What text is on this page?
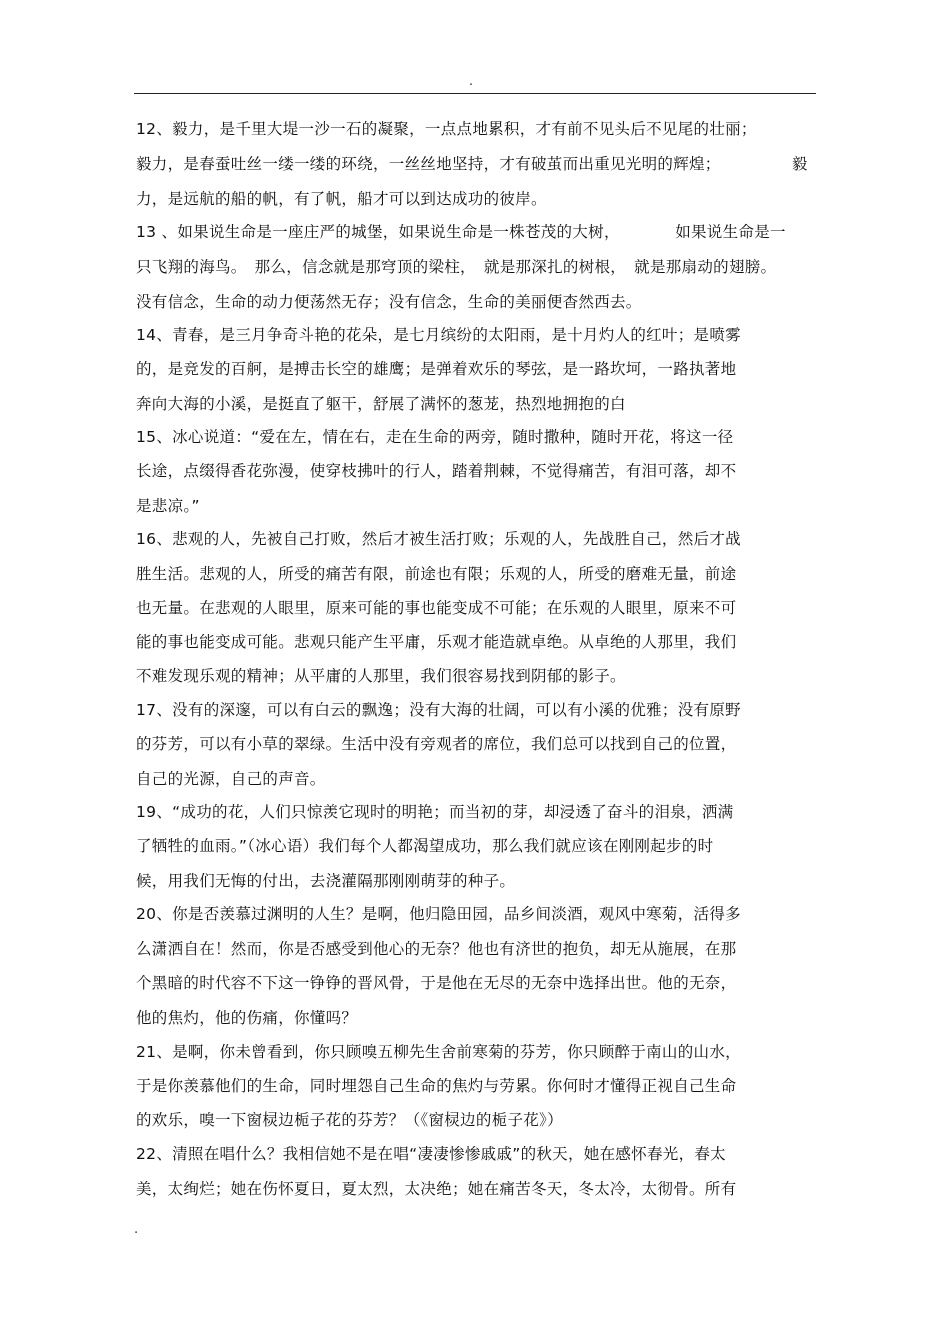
.
12、毅力，是千里大堤一沙一石的凝聚，一点点地累积，才有前不见头后不见尾的壮丽；
毅力，是春蚕吐丝一缕一缕的环绕，一丝丝地坚持，才有破茧而出重见光明的辉煌；　　　　　毅
力，是远航的船的帆，有了帆，船才可以到达成功的彼岸。
13 、如果说生命是一座庄严的城堡，如果说生命是一株苍茂的大树，　　　　如果说生命是一
只飞翔的海鸟。　那么，信念就是那穹顶的梁柱，　就是那深扎的树根，　就是那扇动的翅膀。
没有信念，生命的动力便荡然无存；没有信念，生命的美丽便杳然西去。
14、青春，是三月争奇斗艳的花朵，是七月缤纷的太阳雨，是十月灼人的红叶；是喷雾
的，是竞发的百舸，是搏击长空的雄鹰；是弹着欢乐的琴弦，是一路坎坷，一路执著地
奔向大海的小溪，是挺直了躯干，舒展了满怀的葱茏，热烈地拥抱的白
15、冰心说道：“爱在左，情在右，走在生命的两旁，随时撒种，随时开花，将这一径
长途，点缀得香花弥漫，使穿枝拂叶的行人，踏着荆棘，不觉得痛苦，有泪可落，却不
是悲凉。”
16、悲观的人，先被自己打败，然后才被生活打败；乐观的人，先战胜自己，然后才战
胜生活。悲观的人，所受的痛苦有限，前途也有限；乐观的人，所受的磨难无量，前途
也无量。在悲观的人眼里，原来可能的事也能变成不可能；在乐观的人眼里，原来不可
能的事也能变成可能。悲观只能产生平庸，乐观才能造就卓绝。从卓绝的人那里，我们
不难发现乐观的精神；从平庸的人那里，我们很容易找到阴郁的影子。
17、没有的深邃，可以有白云的飘逸；没有大海的壮阔，可以有小溪的优雅；没有原野
的芬芳，可以有小草的翠绿。生活中没有旁观者的席位，我们总可以找到自己的位置，
自己的光源，自己的声音。
19、“成功的花，人们只惊羡它现时的明艳；而当初的芽，却浸透了奋斗的泪泉，洒满
了牺牲的血雨。”（冰心语）我们每个人都渴望成功，那么我们就应该在刚刚起步的时
候，用我们无悔的付出，去浇灌隔那刚刚萌芽的种子。
20、你是否羡慕过渊明的人生？是啊，他归隐田园，品乡间淡酒，观风中寒菊，活得多
么潇洒自在！然而，你是否感受到他心的无奈？他也有济世的抱负，却无从施展，在那
个黑暗的时代容不下这一铮铮的晋风骨，于是他在无尽的无奈中选择出世。他的无奈，
他的焦灼，他的伤痛，你懂吗？
21、是啊，你未曾看到，你只顾嗅五柳先生舍前寒菊的芬芳，你只顾醉于南山的山水，
于是你羡慕他们的生命，同时埋怨自己生命的焦灼与劳累。你何时才懂得正视自己生命
的欢乐，嗅一下窗棂边栀子花的芬芳？（《窗棂边的栀子花》）
22、清照在唱什么？我相信她不是在唱“凄凄惨惨戚戚”的秋天，她在感怀春光，春太
美，太绚烂；她在伤怀夏日，夏太烈，太决绝；她在痛苦冬天，冬太冷，太彻骨。所有
.
